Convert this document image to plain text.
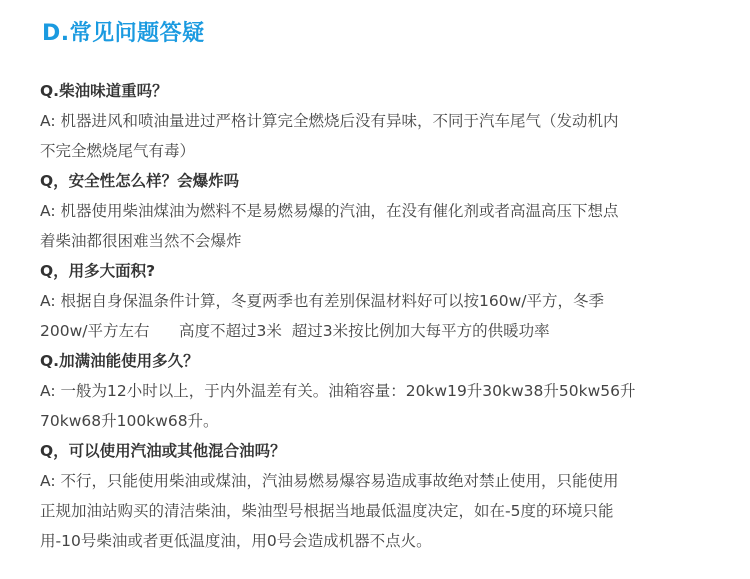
D.常见问题答疑
Q.柴油味道重吗？
A: 机器进风和喷油量进过严格计算完全燃烧后没有异味，不同于汽车尾气（发动机内
不完全燃烧尾气有毒）
Q，安全性怎么样？会爆炸吗
A: 机器使用柴油煤油为燃料不是易燃易爆的汽油，在没有催化剂或者高温高压下想点
着柴油都很困难当然不会爆炸
Q，用多大面积?
A: 根据自身保温条件计算，冬夏两季也有差别保温材料好可以按160w/平方，冬季
200w/平方左右      高度不超过3米  超过3米按比例加大每平方的供暖功率
Q.加满油能使用多久？
A: 一般为12小时以上，于内外温差有关。油箱容量：20kw19升30kw38升50kw56升
70kw68升100kw68升。
Q，可以使用汽油或其他混合油吗？
A: 不行，只能使用柴油或煤油，汽油易燃易爆容易造成事故绝对禁止使用，只能使用
正规加油站购买的清洁柴油，柴油型号根据当地最低温度决定，如在-5度的环境只能
用-10号柴油或者更低温度油，用0号会造成机器不点火。
